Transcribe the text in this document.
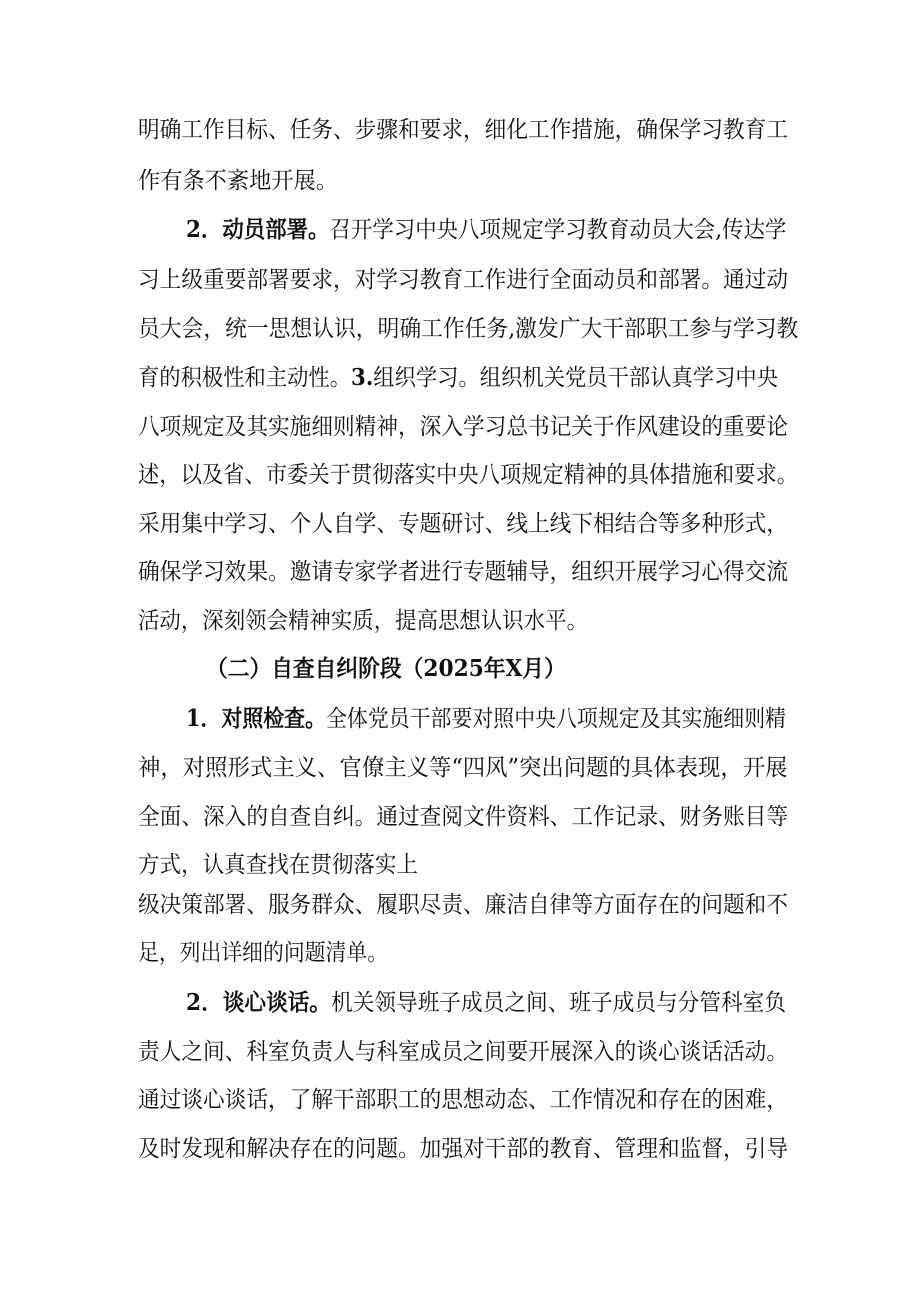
明确工作目标、任务、步骤和要求，细化工作措施，确保学习教育工
作有条不紊地开展。
2．动员部署。召开学习中央八项规定学习教育动员大会,传达学
习上级重要部署要求，对学习教育工作进行全面动员和部署。通过动
员大会，统一思想认识，明确工作任务,激发广大干部职工参与学习教
育的积极性和主动性。3.组织学习。组织机关党员干部认真学习中央
八项规定及其实施细则精神，深入学习总书记关于作风建设的重要论
述，以及省、市委关于贯彻落实中央八项规定精神的具体措施和要求。
采用集中学习、个人自学、专题研讨、线上线下相结合等多种形式，
确保学习效果。邀请专家学者进行专题辅导，组织开展学习心得交流
活动，深刻领会精神实质，提高思想认识水平。
（二）自查自纠阶段（2025年X月）
1．对照检查。全体党员干部要对照中央八项规定及其实施细则精
神，对照形式主义、官僚主义等“四风”突出问题的具体表现，开展
全面、深入的自查自纠。通过查阅文件资料、工作记录、财务账目等
方式，认真查找在贯彻落实上
级决策部署、服务群众、履职尽责、廉洁自律等方面存在的问题和不
足，列出详细的问题清单。
2．谈心谈话。机关领导班子成员之间、班子成员与分管科室负
责人之间、科室负责人与科室成员之间要开展深入的谈心谈话活动。
通过谈心谈话，了解干部职工的思想动态、工作情况和存在的困难，
及时发现和解决存在的问题。加强对干部的教育、管理和监督，引导
